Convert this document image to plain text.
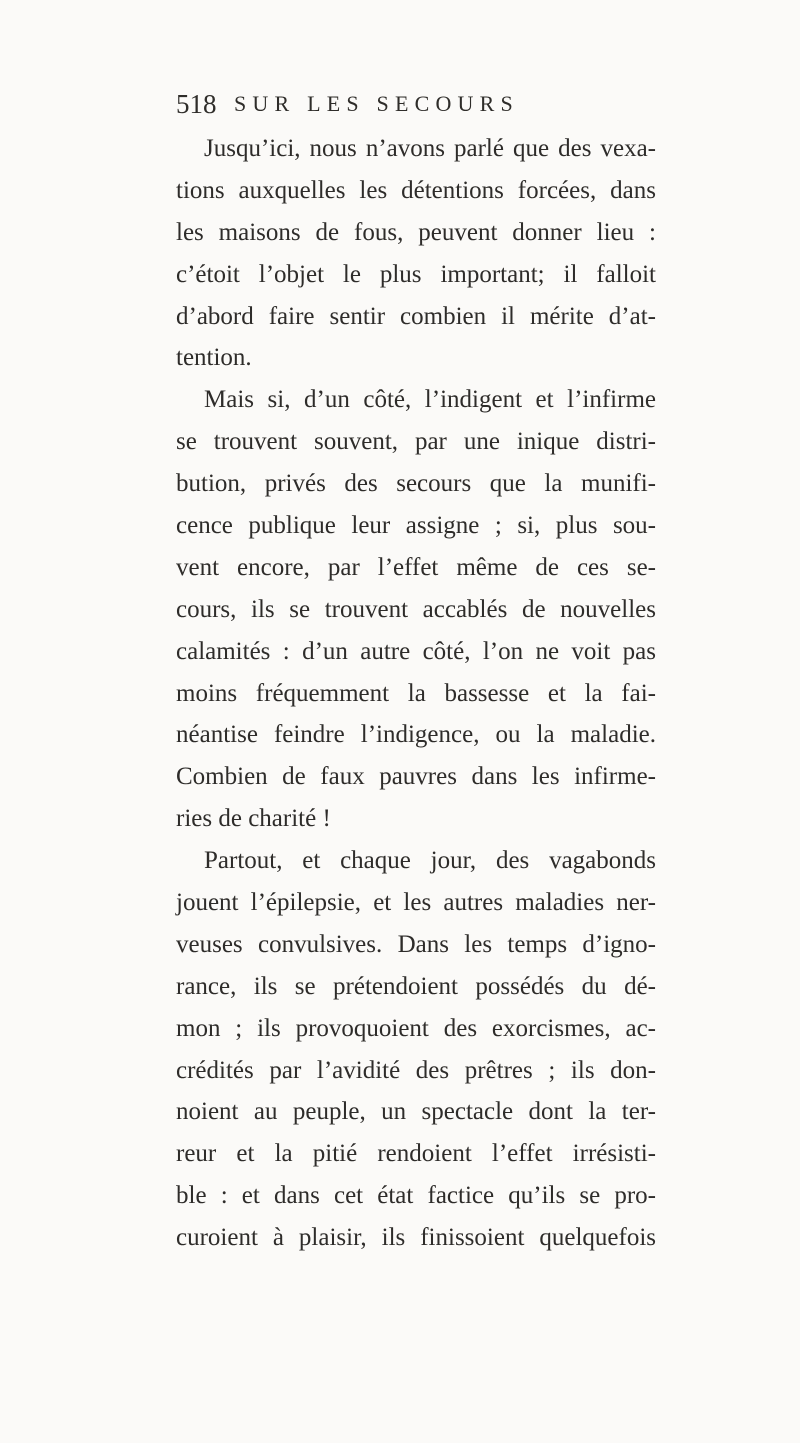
518 SUR LES SECOURS
Jusqu’ici, nous n’avons parlé que des vexa-
tions auxquelles les détentions forcées, dans
les maisons de fous, peuvent donner lieu :
c’étoit l’objet le plus important; il falloit
d’abord faire sentir combien il mérite d’at-
tention.
Mais si, d’un côté, l’indigent et l’infirme
se trouvent souvent, par une inique distri-
bution, privés des secours que la munifi-
cence publique leur assigne ; si, plus sou-
vent encore, par l’effet même de ces se-
cours, ils se trouvent accablés de nouvelles
calamités : d’un autre côté, l’on ne voit pas
moins fréquemment la bassesse et la fai-
néantise feindre l’indigence, ou la maladie.
Combien de faux pauvres dans les infirme-
ries de charité !
Partout, et chaque jour, des vagabonds
jouent l’épilepsie, et les autres maladies ner-
veuses convulsives. Dans les temps d’igno-
rance, ils se prétendoient possédés du dé-
mon ; ils provoquoient des exorcismes, ac-
crédités par l’avidité des prêtres ; ils don-
noient au peuple, un spectacle dont la ter-
reur et la pitié rendoient l’effet irrésisti-
ble : et dans cet état factice qu’ils se pro-
curoient à plaisir, ils finissoient quelquefois
